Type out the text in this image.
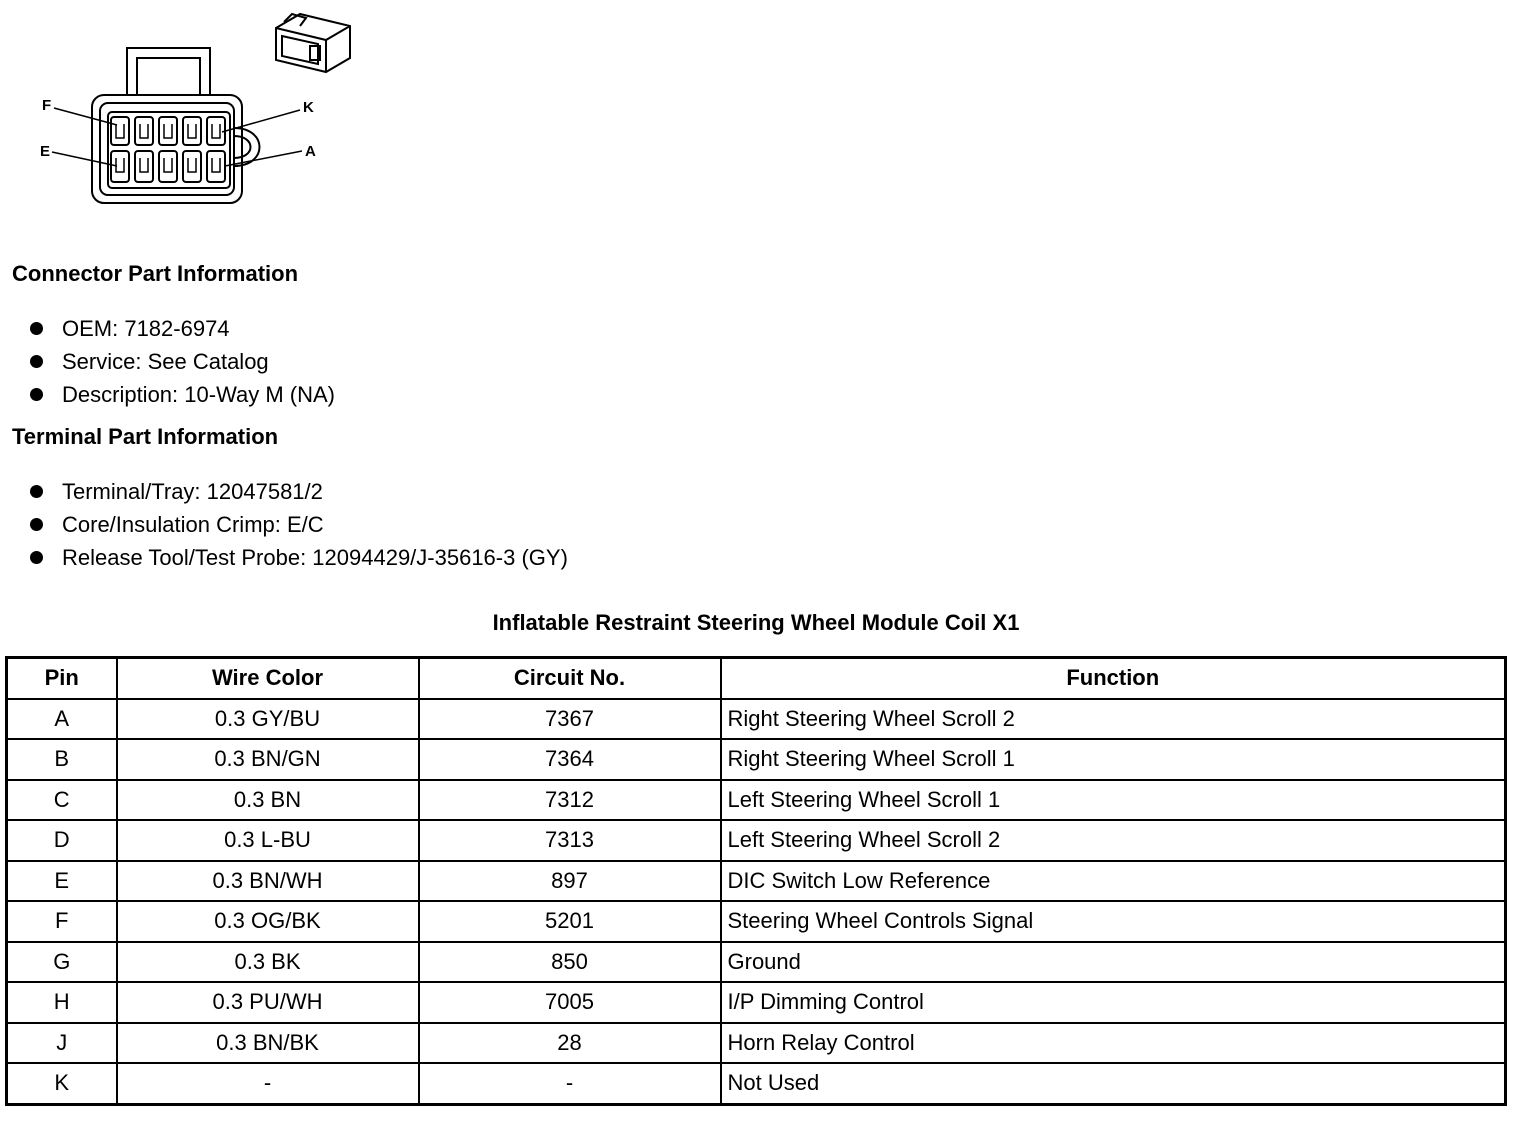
F
E
K
A
Connector Part Information
OEM: 7182-6974
Service: See Catalog
Description: 10-Way M (NA)
Terminal Part Information
Terminal/Tray: 12047581/2
Core/Insulation Crimp: E/C
Release Tool/Test Probe: 12094429/J-35616-3 (GY)
Inflatable Restraint Steering Wheel Module Coil X1
Pin	Wire Color	Circuit No.	Function
A	0.3 GY/BU	7367	Right Steering Wheel Scroll 2
B	0.3 BN/GN	7364	Right Steering Wheel Scroll 1
C	0.3 BN	7312	Left Steering Wheel Scroll 1
D	0.3 L-BU	7313	Left Steering Wheel Scroll 2
E	0.3 BN/WH	897	DIC Switch Low Reference
F	0.3 OG/BK	5201	Steering Wheel Controls Signal
G	0.3 BK	850	Ground
H	0.3 PU/WH	7005	I/P Dimming Control
J	0.3 BN/BK	28	Horn Relay Control
K	-	-	Not Used
